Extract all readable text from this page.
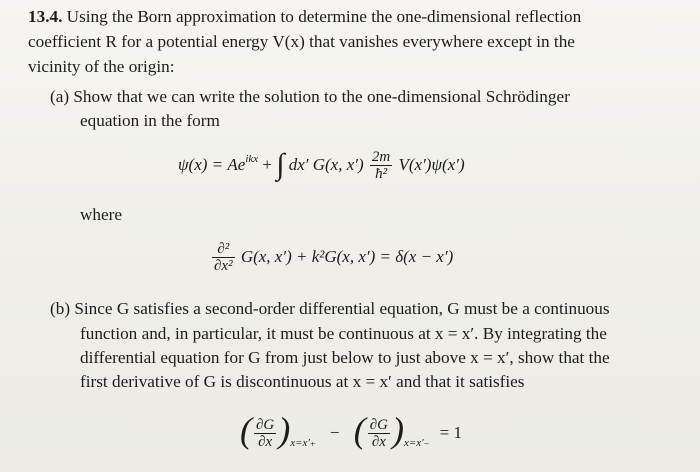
13.4. Using the Born approximation to determine the one-dimensional reflection
coefficient R for a potential energy V(x) that vanishes everywhere except in the
vicinity of the origin:
(a) Show that we can write the solution to the one-dimensional Schrödinger
equation in the form
$\psi(x) = Ae^{ikx}$ + ∫ dx′ G(x, $x') \frac{2m}{\text{ħ²}} V(x')\psi(x')$
where
$\frac{\text{∂²}}{\text{∂x²}} G(x$, x′) + k²G(x, x′) = δ(x − x′)
(b) Since G satisfies a second-order differential equation, G must be a continuous
function and, in particular, it must be continuous at x = x′. By integrating the
differential equation for G from just below to just above x = x′, show that the
first derivative of G is discontinuous at x = x′ and that it satisfies
( $\frac{\partial G}{\partial x} )_{x=x'_+}$ − ( $\frac{\partial G}{\partial x} )_{x=x'_-} = 1$
